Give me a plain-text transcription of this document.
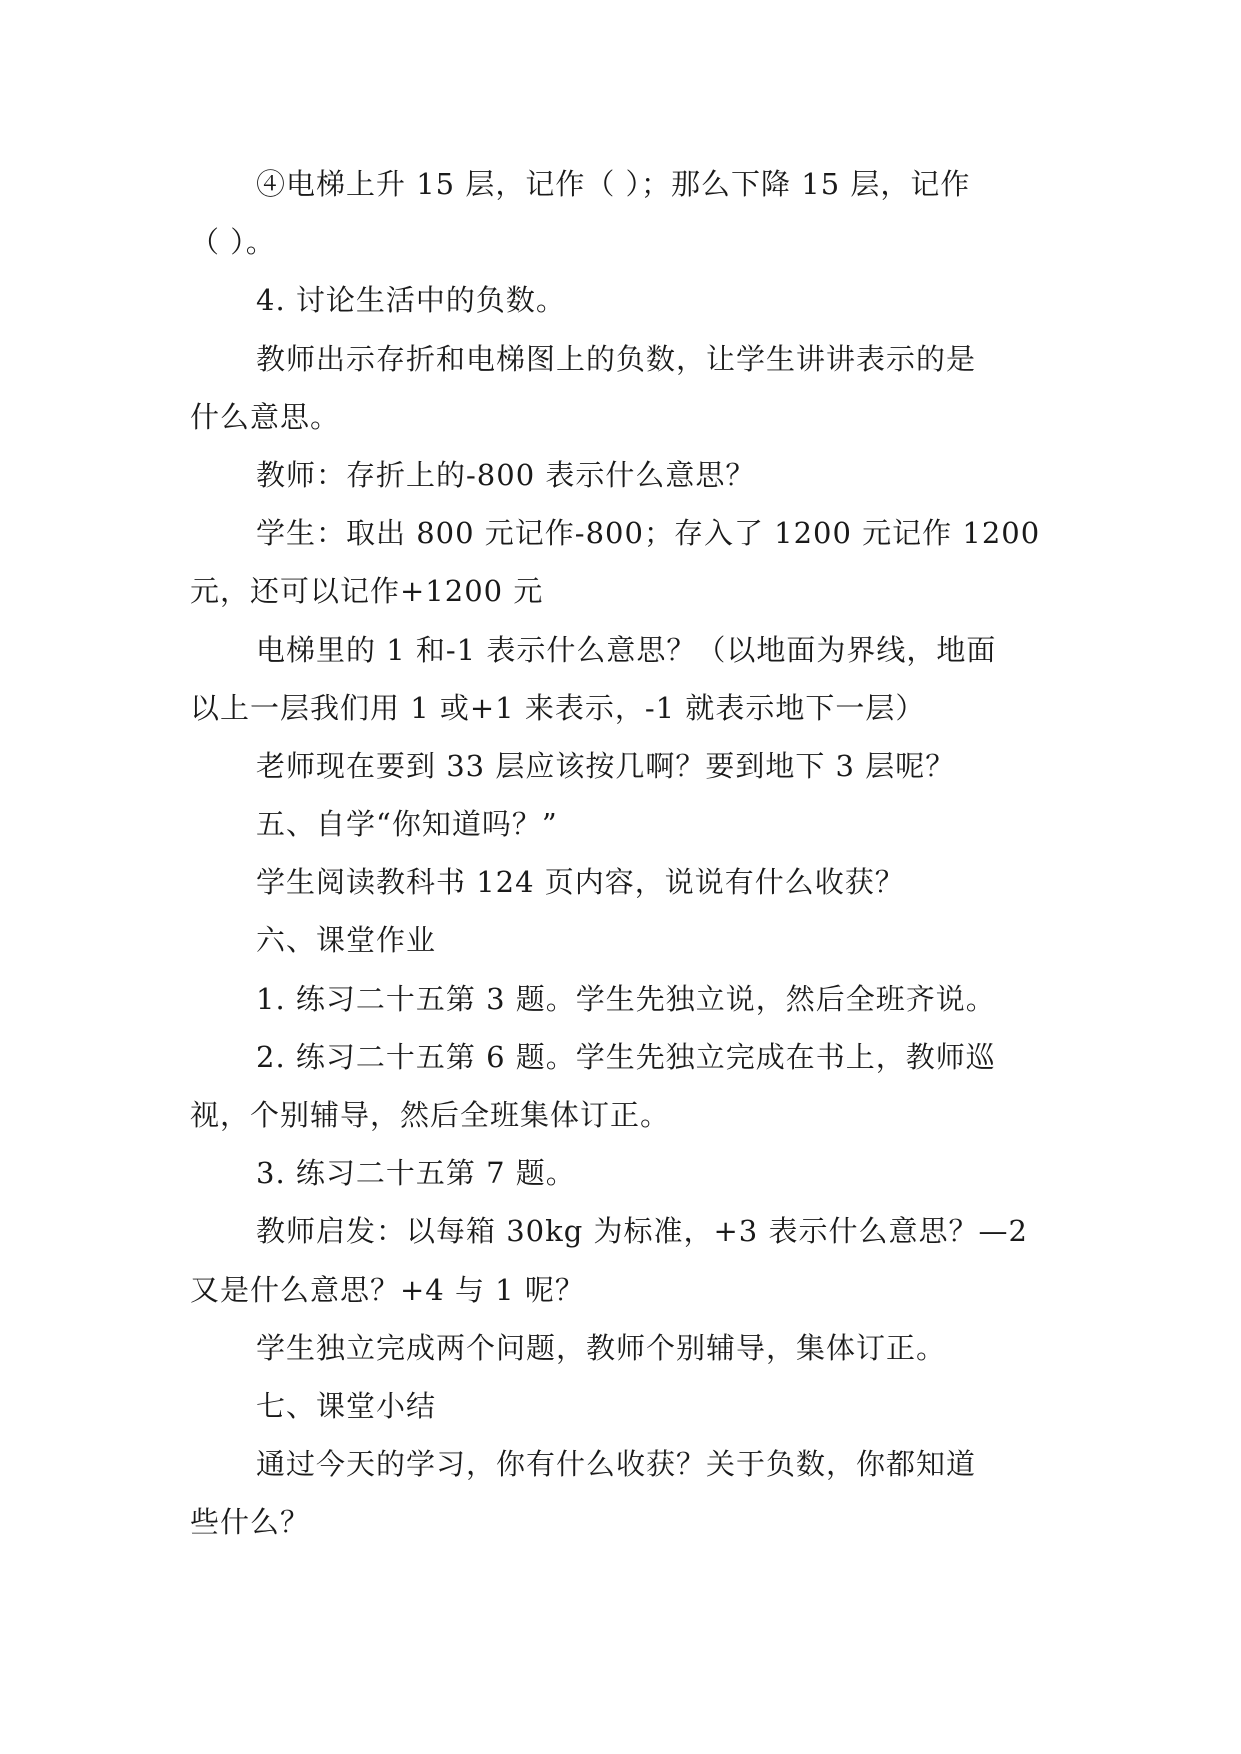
④电梯上升 15 层，记作（ ）；那么下降 15 层，记作
（ ）。
4. 讨论生活中的负数。
教师出示存折和电梯图上的负数，让学生讲讲表示的是
什么意思。
教师：存折上的-800 表示什么意思？
学生：取出 800 元记作-800；存入了 1200 元记作 1200
元，还可以记作+1200 元
电梯里的 1 和-1 表示什么意思？（以地面为界线，地面
以上一层我们用 1 或+1 来表示，-1 就表示地下一层）
老师现在要到 33 层应该按几啊？要到地下 3 层呢？
五、自学“你知道吗？”
学生阅读教科书 124 页内容，说说有什么收获？
六、课堂作业
1. 练习二十五第 3 题。学生先独立说，然后全班齐说。
2. 练习二十五第 6 题。学生先独立完成在书上，教师巡
视，个别辅导，然后全班集体订正。
3. 练习二十五第 7 题。
教师启发：以每箱 30kg 为标准，+3 表示什么意思？—2
又是什么意思？+4 与 1 呢？
学生独立完成两个问题，教师个别辅导，集体订正。
七、课堂小结
通过今天的学习，你有什么收获？关于负数，你都知道
些什么？
